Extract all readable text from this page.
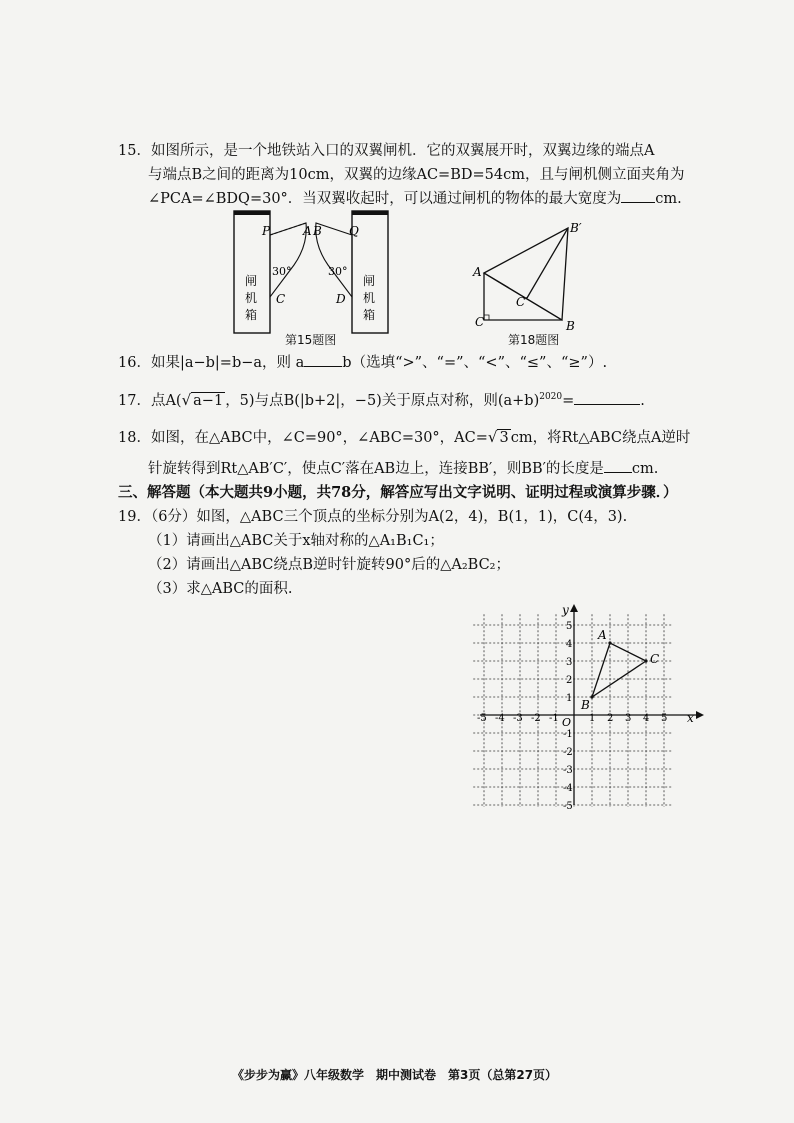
15．如图所示，是一个地铁站入口的双翼闸机．它的双翼展开时，双翼边缘的端点A
与端点B之间的距离为10cm，双翼的边缘AC=BD=54cm，且与闸机侧立面夹角为
∠PCA=∠BDQ=30°．当双翼收起时，可以通过闸机的物体的最大宽度为 cm.
P	A B Q
30°	30°
C	D
闸
机
箱
闸
机
箱
第15题图
B′
A
C′
C	B
第18题图
16．如果|a−b|=b−a，则 a	b（选填“>”、“=”、“<”、“≤”、“≥”）.
17．点A(√ a−1 ，5)与点B(|b+2|，−5)关于原点对称，则$(a+b)^{2020}=$	.
18．如图，在△ABC中，∠C=90°，∠ABC=30°，AC=√ 3 cm，将Rt△ABC绕点A逆时
针旋转得到Rt△AB′C′，使点C′落在AB边上，连接BB′，则BB′的长度是 cm.
三、解答题（本大题共9小题，共78分，解答应写出文字说明、证明过程或演算步骤．）
19．（6分）如图，△ABC三个顶点的坐标分别为A(2，4)，B(1，1)，C(4，3).
（1）请画出△ABC关于x轴对称的△A₁B₁C₁；
（2）请画出△ABC绕点B逆时针旋转90°后的△A₂BC₂；
（3）求△ABC的面积.
x
y
O
-5 -4 -3 -2 -1	1 2 3 4 5
5
4
3
2
1
-1
-2
-3
-4
-5
A
B
C
《步步为赢》八年级数学　期中测试卷　第3页（总第27页）
